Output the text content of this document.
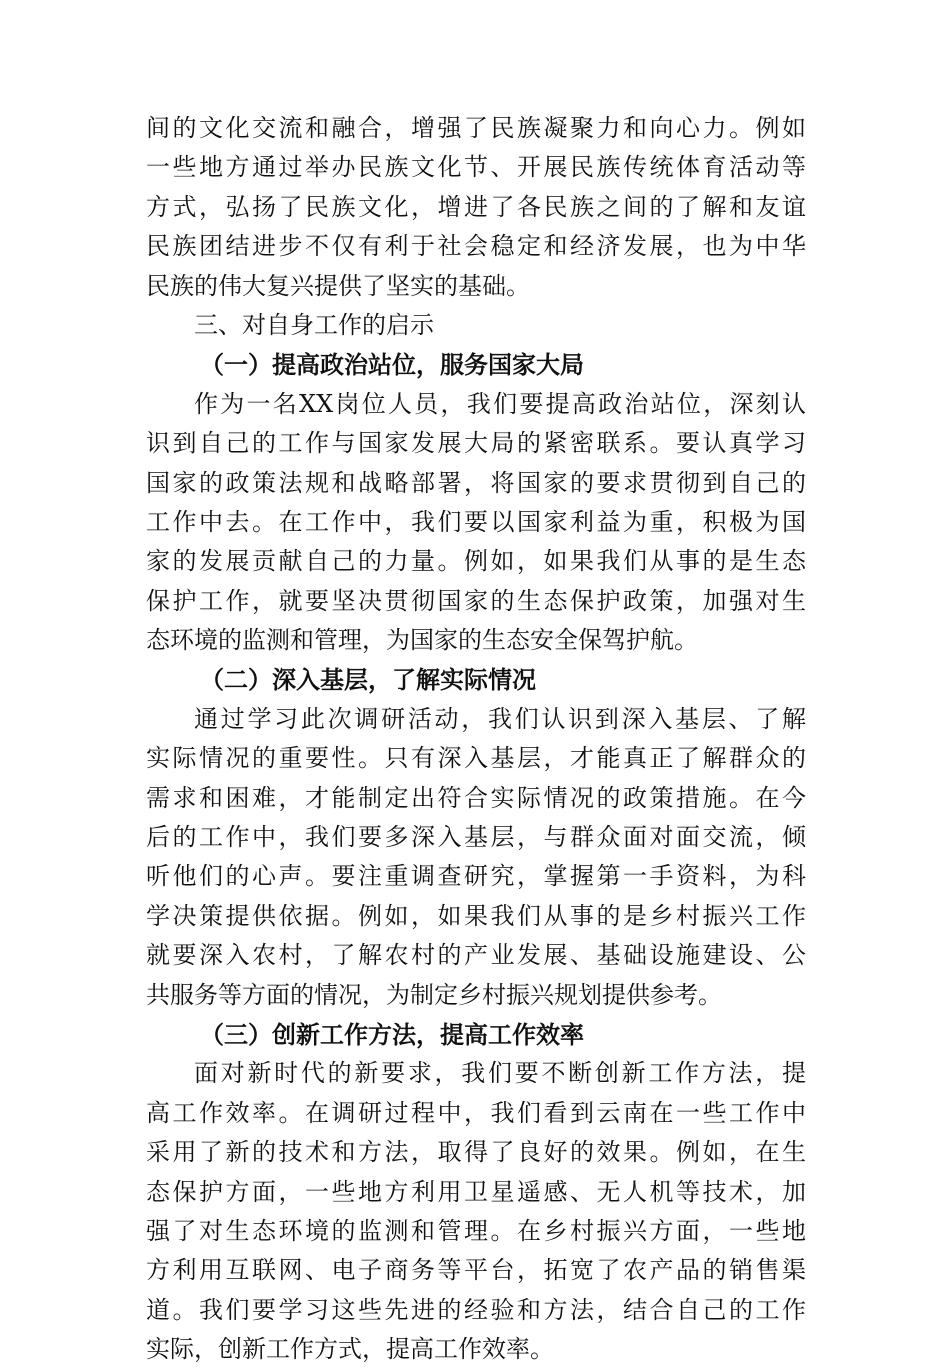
间的文化交流和融合，增强了民族凝聚力和向心力。例如
一些地方通过举办民族文化节、开展民族传统体育活动等
方式，弘扬了民族文化，增进了各民族之间的了解和友谊
民族团结进步不仅有利于社会稳定和经济发展，也为中华
民族的伟大复兴提供了坚实的基础。
三、对自身工作的启示
（一）提高政治站位，服务国家大局
作为一名XX岗位人员，我们要提高政治站位，深刻认
识到自己的工作与国家发展大局的紧密联系。要认真学习
国家的政策法规和战略部署，将国家的要求贯彻到自己的
工作中去。在工作中，我们要以国家利益为重，积极为国
家的发展贡献自己的力量。例如，如果我们从事的是生态
保护工作，就要坚决贯彻国家的生态保护政策，加强对生
态环境的监测和管理，为国家的生态安全保驾护航。
（二）深入基层，了解实际情况
通过学习此次调研活动，我们认识到深入基层、了解
实际情况的重要性。只有深入基层，才能真正了解群众的
需求和困难，才能制定出符合实际情况的政策措施。在今
后的工作中，我们要多深入基层，与群众面对面交流，倾
听他们的心声。要注重调查研究，掌握第一手资料，为科
学决策提供依据。例如，如果我们从事的是乡村振兴工作
就要深入农村，了解农村的产业发展、基础设施建设、公
共服务等方面的情况，为制定乡村振兴规划提供参考。
（三）创新工作方法，提高工作效率
面对新时代的新要求，我们要不断创新工作方法，提
高工作效率。在调研过程中，我们看到云南在一些工作中
采用了新的技术和方法，取得了良好的效果。例如，在生
态保护方面，一些地方利用卫星遥感、无人机等技术，加
强了对生态环境的监测和管理。在乡村振兴方面，一些地
方利用互联网、电子商务等平台，拓宽了农产品的销售渠
道。我们要学习这些先进的经验和方法，结合自己的工作
实际，创新工作方式，提高工作效率。
